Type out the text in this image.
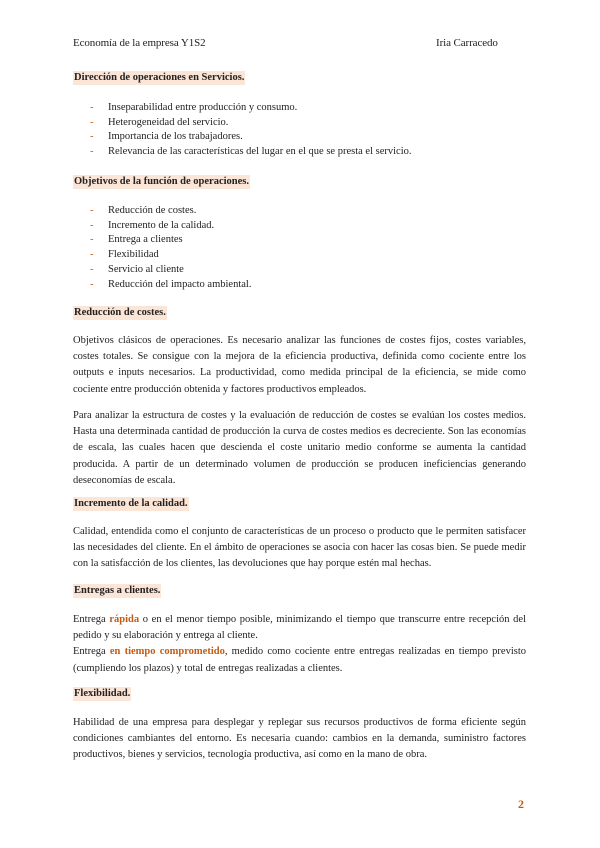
Economía de la empresa Y1S2	Iria Carracedo
Dirección de operaciones en Servicios.
- Inseparabilidad entre producción y consumo.
- Heterogeneidad del servicio.
- Importancia de los trabajadores.
- Relevancia de las características del lugar en el que se presta el servicio.
Objetivos de la función de operaciones.
- Reducción de costes.
- Incremento de la calidad.
- Entrega a clientes
- Flexibilidad
- Servicio al cliente
- Reducción del impacto ambiental.
Reducción de costes.

Objetivos clásicos de operaciones. Es necesario analizar las funciones de costes fijos, costes variables, costes totales. Se consigue con la mejora de la eficiencia productiva, definida como cociente entre los outputs e inputs necesarios. La productividad, como medida principal de la eficiencia, se mide como cociente entre producción obtenida y factores productivos empleados.

Para analizar la estructura de costes y la evaluación de reducción de costes se evalúan los costes medios. Hasta una determinada cantidad de producción la curva de costes medios es decreciente. Son las economías de escala, las cuales hacen que descienda el coste unitario medio conforme se aumenta la cantidad producida. A partir de un determinado volumen de producción se producen ineficiencias generando deseconomías de escala.

Incremento de la calidad.

Calidad, entendida como el conjunto de características de un proceso o producto que le permiten satisfacer las necesidades del cliente. En el ámbito de operaciones se asocia con hacer las cosas bien. Se puede medir con la satisfacción de los clientes, las devoluciones que hay porque estén mal hechas.

Entregas a clientes.

Entrega rápida o en el menor tiempo posible, minimizando el tiempo que transcurre entre recepción del pedido y su elaboración y entrega al cliente.
Entrega en tiempo comprometido, medido como cociente entre entregas realizadas en tiempo previsto (cumpliendo los plazos) y total de entregas realizadas a clientes.

Flexibilidad.

Habilidad de una empresa para desplegar y replegar sus recursos productivos de forma eficiente según condiciones cambiantes del entorno. Es necesaria cuando: cambios en la demanda, suministro factores productivos, bienes y servicios, tecnología productiva, así como en la mano de obra.

2
